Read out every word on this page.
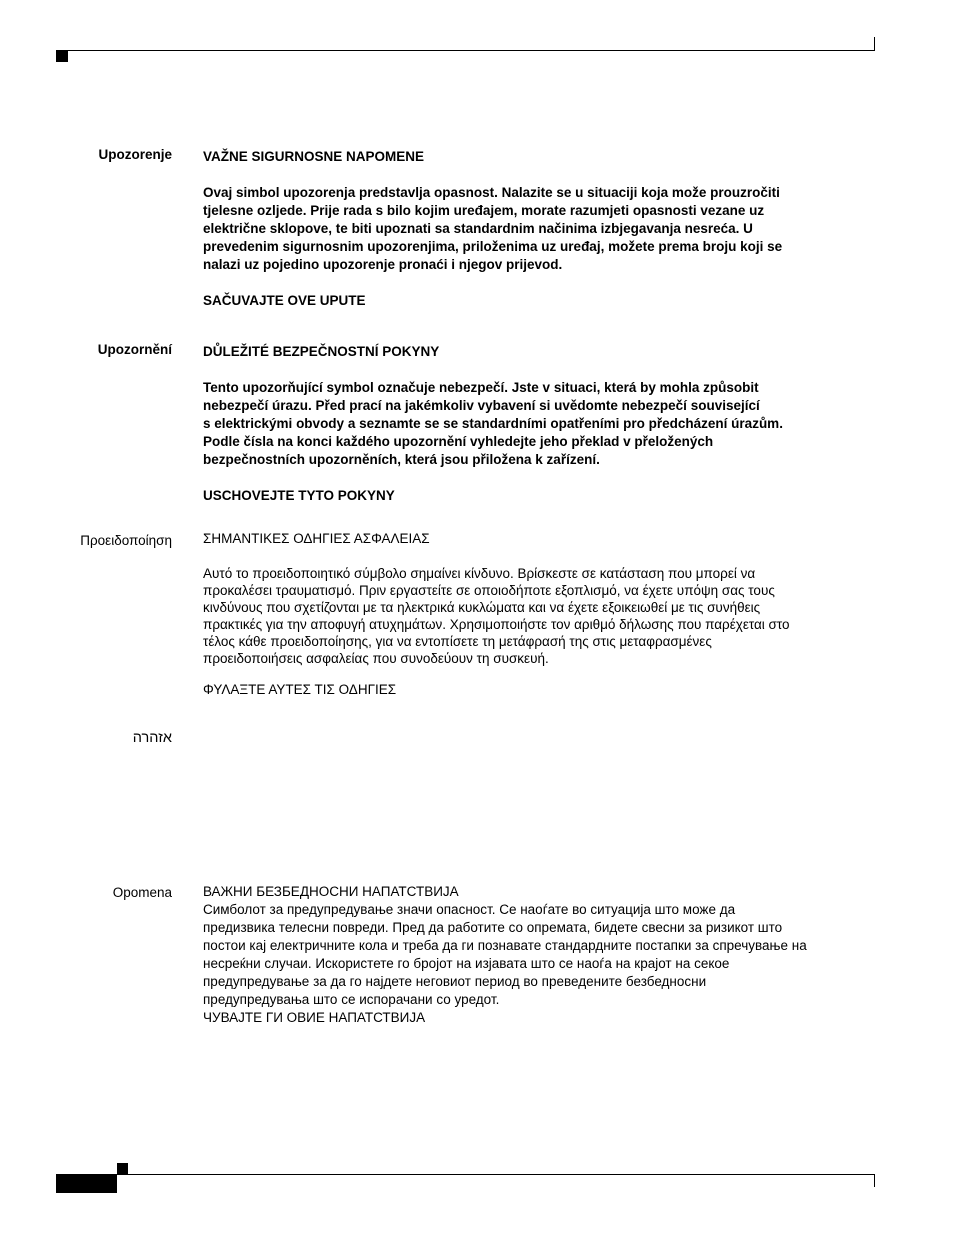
Upozorenje VAŽNE SIGURNOSNE NAPOMENE

Ovaj simbol upozorenja predstavlja opasnost. Nalazite se u situaciji koja može prouzročiti

tjelesne ozljede. Prije rada s bilo kojim uređajem, morate razumjeti opasnosti vezane uz

električne sklopove, te biti upoznati sa standardnim načinima izbjegavanja nesreća. U

prevedenim sigurnosnim upozorenjima, priloženima uz uređaj, možete prema broju koji se

nalazi uz pojedino upozorenje pronaći i njegov prijevod.

SAČUVAJTE OVE UPUTE

Upozornění DŮLEŽITÉ BEZPEČNOSTNÍ POKYNY

Tento upozorňující symbol označuje nebezpečí. Jste v situaci, která by mohla způsobit

nebezpečí úrazu. Před prací na jakémkoliv vybavení si uvědomte nebezpečí související

s elektrickými obvody a seznamte se se standardními opatřeními pro předcházení úrazům.

Podle čísla na konci každého upozornění vyhledejte jeho překlad v přeložených

bezpečnostních upozorněních, která jsou přiložena k zařízení.

USCHOVEJTE TYTO POKYNY

Προειδοποίηση ΣΗΜΑΝΤΙΚΕΣ ΟΔΗΓΙΕΣ ΑΣΦΑΛΕΙΑΣ

Αυτό το προειδοποιητικό σύμβολο σημαίνει κίνδυνο. Βρίσκεστε σε κατάσταση που μπορεί να

προκαλέσει τραυματισμό. Πριν εργαστείτε σε οποιοδήποτε εξοπλισμό, να έχετε υπόψη σας τους

κινδύνους που σχετίζονται με τα ηλεκτρικά κυκλώματα και να έχετε εξοικειωθεί με τις συνήθεις

πρακτικές για την αποφυγή ατυχημάτων. Χρησιμοποιήστε τον αριθμό δήλωσης που παρέχεται στο

τέλος κάθε προειδοποίησης, για να εντοπίσετε τη μετάφρασή της στις μεταφρασμένες

προειδοποιήσεις ασφαλείας που συνοδεύουν τη συσκευή.

ΦΥΛΑΞΤΕ ΑΥΤΕΣ ΤΙΣ ΟΔΗΓΙΕΣ

אזהרה
Opomena ВАЖНИ БЕЗБЕДНОСНИ НАПАТСТВИЈА

Симболот за предупредување значи опасност. Се наоѓате во ситуација што може да

предизвика телесни повреди. Пред да работите со опремата, бидете свесни за ризикот што

постои кај електричните кола и треба да ги познавате стандардните постапки за спречување на

несреќни случаи. Искористете го бројот на изјавата што се наоѓа на крајот на секое

предупредување за да го најдете неговиот период во преведените безбедносни

предупредувања што се испорачани со уредот.

ЧУВАЈТЕ ГИ ОВИЕ НАПАТСТВИЈА
